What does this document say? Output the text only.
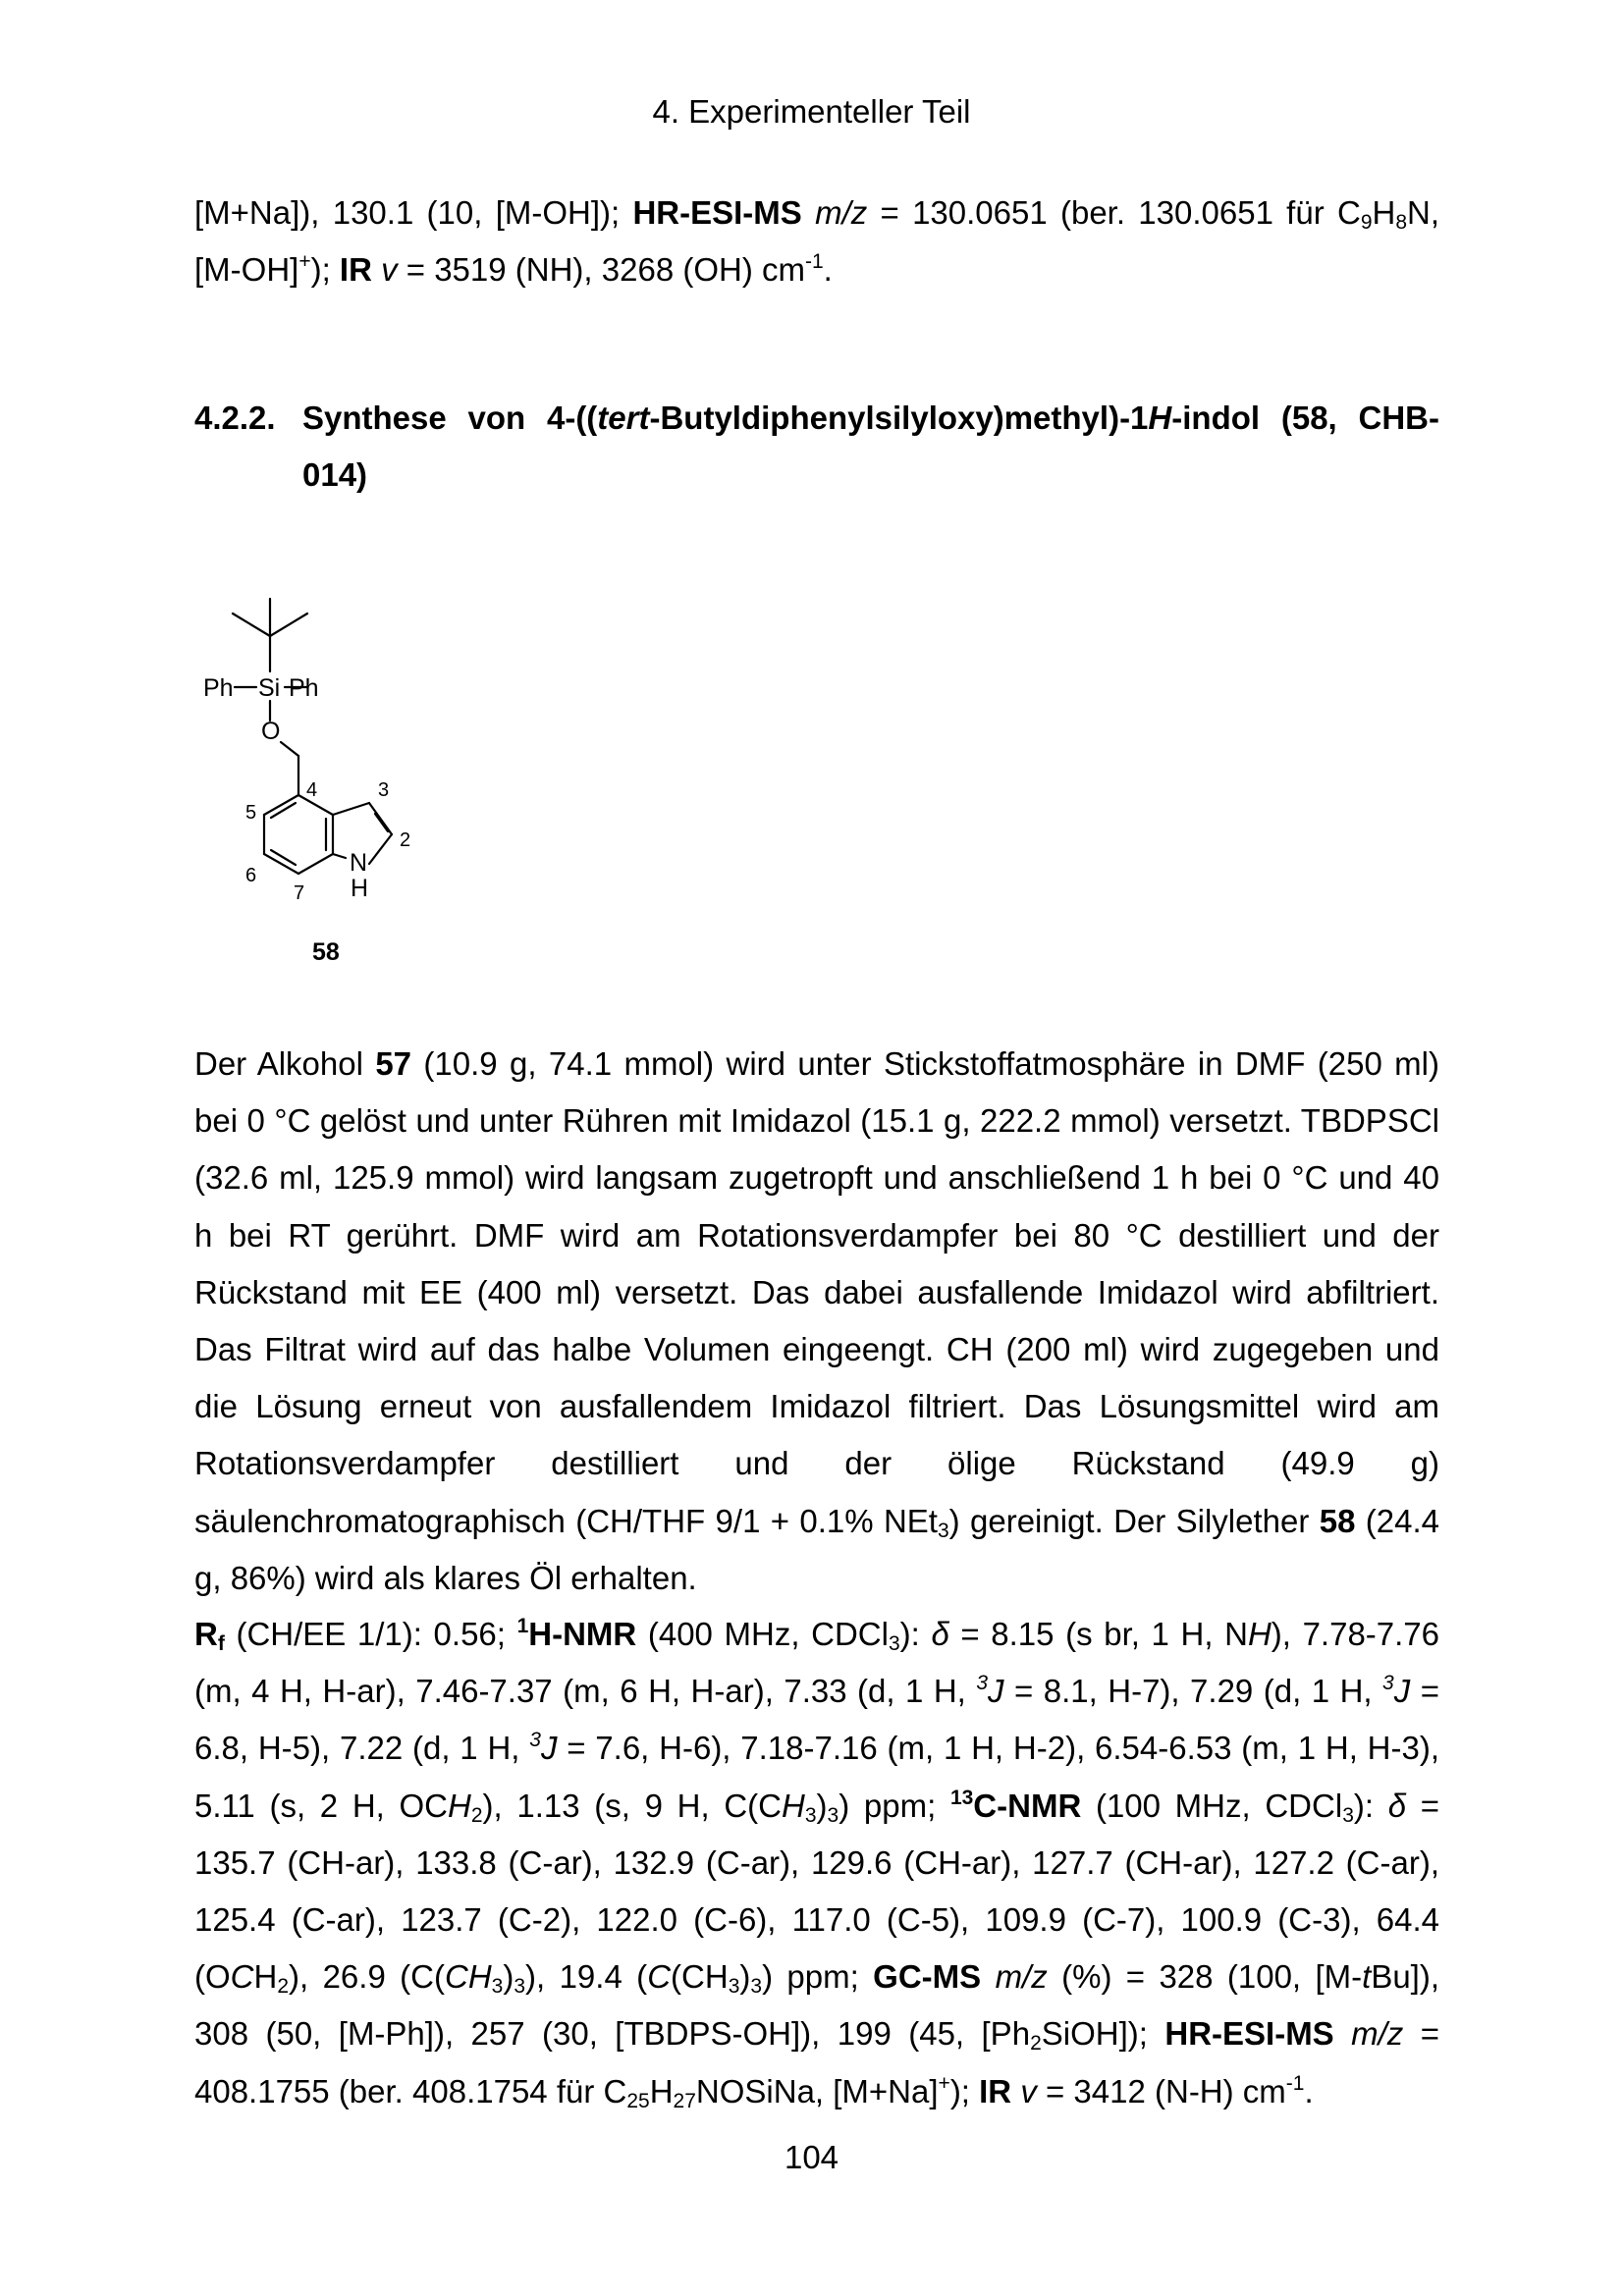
4. Experimenteller Teil
[M+Na]), 130.1 (10, [M-OH]); HR-ESI-MS m/z = 130.0651 (ber. 130.0651 für $C_9H_8N$, [M-OH]+); IR v = 3519 (NH), 3268 (OH) $cm^{-1}$.
4.2.2. Synthese von 4-((tert-Butyldiphenylsilyloxy)methyl)-1H-indol (58, CHB-014)
Ph Si Ph
O
N
H
4	3
5
6
7
2
58
Der Alkohol 57 (10.9 g, 74.1 mmol) wird unter Stickstoffatmosphäre in DMF (250 ml) bei 0 °C gelöst und unter Rühren mit Imidazol (15.1 g, 222.2 mmol) versetzt. TBDPSCl (32.6 ml, 125.9 mmol) wird langsam zugetropft und anschließend 1 h bei 0 °C und 40 h bei RT gerührt. DMF wird am Rotationsverdampfer bei 80 °C destilliert und der Rückstand mit EE (400 ml) versetzt. Das dabei ausfallende Imidazol wird abfiltriert. Das Filtrat wird auf das halbe Volumen eingeengt. CH (200 ml) wird zugegeben und die Lösung erneut von ausfallendem Imidazol filtriert. Das Lösungsmittel wird am Rotationsverdampfer destilliert und der ölige Rückstand (49.9 g) säulenchromatographisch (CH/THF 9/1 + 0.1% NEt$_3$) gereinigt. Der Silylether 58 (24.4 g, 86%) wird als klares Öl erhalten.
$R_f$ (CH/EE 1/1): 0.56; $^1$H-NMR (400 MHz, CDCl$_3$): δ = 8.15 (s br, 1 H, NH), 7.78-7.76 (m, 4 H, H-ar), 7.46-7.37 (m, 6 H, H-ar), 7.33 (d, 1 H, $^3$J = 8.1, H-7), 7.29 (d, 1 H, $^3$J = 6.8, H-5), 7.22 (d, 1 H, $^3$J = 7.6, H-6), 7.18-7.16 (m, 1 H, H-2), 6.54-6.53 (m, 1 H, H-3), 5.11 (s, 2 H, $OCH_2$), 1.13 (s, 9 H, $C(CH_3)_3$) ppm; $^{13}$C-NMR (100 MHz, CDCl$_3$): δ = 135.7 (CH-ar), 133.8 (C-ar), 132.9 (C-ar), 129.6 (CH-ar), 127.7 (CH-ar), 127.2 (C-ar), 125.4 (C-ar), 123.7 (C-2), 122.0 (C-6), 117.0 (C-5), 109.9 (C-7), 100.9 (C-3), 64.4 $(OCH_2)$, 26.9 $(C(CH_3)_3)$, 19.4 $(C(CH_3)_3)$ ppm; GC-MS m/z (%) = 328 (100, [M-tBu]), 308 (50, [M-Ph]), 257 (30, [TBDPS-OH]), 199 (45, $[Ph_2SiOH]$); HR-ESI-MS m/z = 408.1755 (ber. 408.1754 für $C_{25}H_{27}NOSiNa$, [M+Na]+); IR v = 3412 (N-H) $cm^{-1}$.
104
